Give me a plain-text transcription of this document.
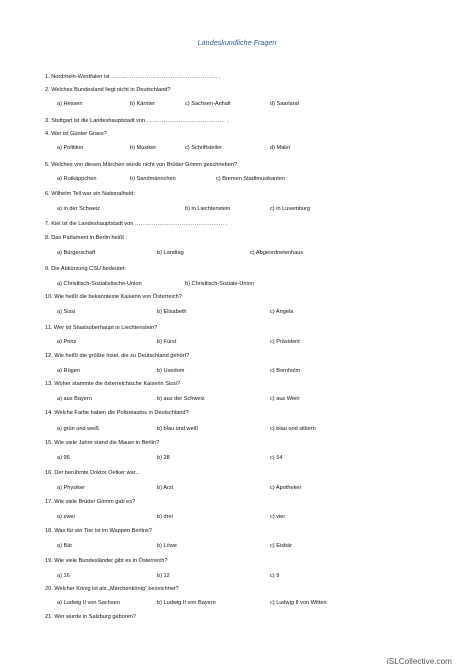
Landeskundliche Fragen
1. Nordrhein-Westfalen ist ………………………………………………… .
2. Welches Bundesland liegt nicht in Deutschland?
a) Hessen	b) Kärnter	c) Sachsen-Anhalt	d) Saarland
3. Stuttgart ist die Landeshauptstadt von …………………………………… .
4. Wer ist Günter Grass?
a) Politiker	b) Musiker	c) Schriftsteller	d) Maler
5. Welches von diesen Märchen wurde nicht von Brüder Grimm geschrieben?
a) Rotkäppchen	b) Sandmännchen	c) Bremen Stadtmusikanten
6. Wilhelm Tell war ein Nationalheld:
a) in der Schweiz	b) in Liechtenstein	c) in Luxemburg
7. Kiel ist die Landeshauptstadt von ………………………………………… .
8. Das Parlament in Berlin heißt :
a) Bürgerschaft	b) Landtag	c) Abgeordnetenhaus
9. Die Abkürzung CSU bedeutet:
a) Christlisch-Sozialistische-Union	b) Christlisch-Soziale-Union
10. Wie heißt die bekannteste Kaiserin von Österreich?
a) Sissi	b) Elisabeth	c) Angela
11. Wer ist Staatsoberhaupt in Liechtenstein?
a) Prinz	b) Fürst	c) Präsident
12. Wie heißt die größte Insel, die zu Deutschland gehört?
a) Rügen	b) Usedom	c) Bornholm
13. Woher stammte die österreichische Kaiserin Sissi?
a) aus Bayern	b) aus der Schweiz	c) aus Wien
14. Welche Farbe haben die Polizeiautos in Deutschland?
a) grün und weiß	b) blau und weiß	c) blau und silbern
15. Wie viele Jahre stand die Mauer in Berlin?
a) 96	b) 28	c) 54
16. Der berühmte Doktor Oetker war…
a) Physiker	b) Arzt	c) Apotheker
17. Wie viele Brüder Grimm gab es?
a) zwei	b) drei	c) vier
18. Was für ein Tier ist im Wappen Berlins?
a) Bär	b) Löwe	c) Eisbär
19. Wie viele Bundesländer gibt es in Österreich?
a) 16	b) 12	c) 9
20. Welcher König ist als „Märchenkönig“ bezeichnet?
a) Ludwig II von Sachsen	b) Ludwig II von Bayern	c) Ludwig II von Witten
21. Wer wurde in Salzburg geboren?
iSLCollective.com
